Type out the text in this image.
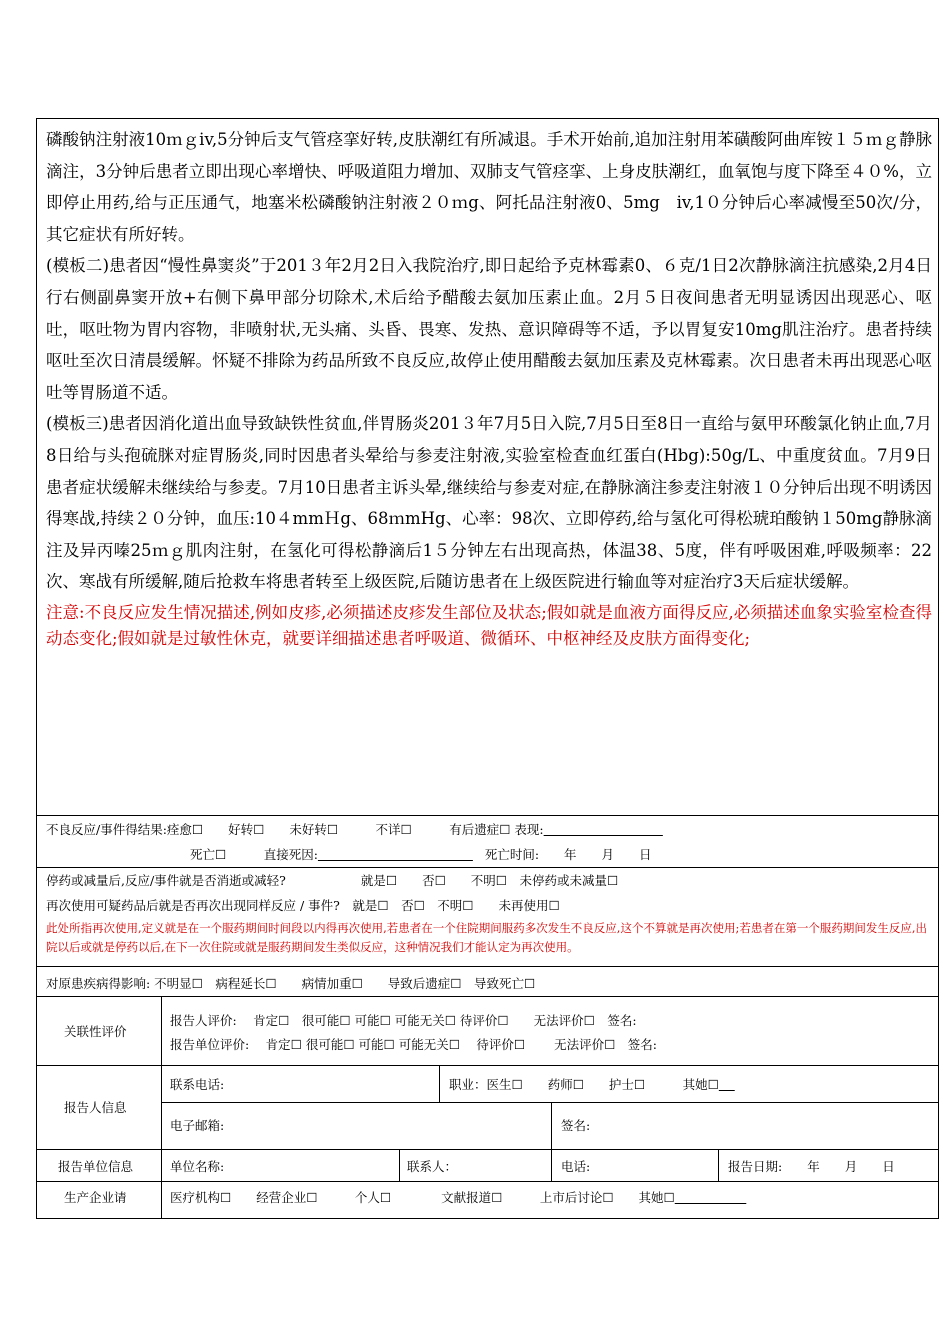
磷酸钠注射液10ｍｇiv,5分钟后支气管痉挛好转,皮肤潮红有所减退。手术开始前,追加注射用苯磺酸阿曲库铵１５ｍｇ静脉滴注，3分钟后患者立即出现心率增快、呼吸道阻力增加、双肺支气管痉挛、上身皮肤潮红，血氧饱与度下降至４０%，立即停止用药,给与正压通气，地塞米松磷酸钠注射液２０ｍg、阿托品注射液0、5mg　iv,1０分钟后心率减慢至50次/分，其它症状有所好转。

(模板二)患者因“慢性鼻窦炎”于201３年2月2日入我院治疗,即日起给予克林霉素0、６克/1日2次静脉滴注抗感染,2月4日行右侧副鼻窦开放+右侧下鼻甲部分切除术,术后给予醋酸去氨加压素止血。2月５日夜间患者无明显诱因出现恶心、呕吐，呕吐物为胃内容物，非喷射状,无头痛、头昏、畏寒、发热、意识障碍等不适，予以胃复安10mg肌注治疗。患者持续呕吐至次日清晨缓解。怀疑不排除为药品所致不良反应,故停止使用醋酸去氨加压素及克林霉素。次日患者未再出现恶心呕吐等胃肠道不适。

(模板三)患者因消化道出血导致缺铁性贫血,伴胃肠炎201３年7月5日入院,7月5日至8日一直给与氨甲环酸氯化钠止血,7月8日给与头孢硫脒对症胃肠炎,同时因患者头晕给与参麦注射液,实验室检查血红蛋白(Hbg):50g/L、中重度贫血。7月9日患者症状缓解未继续给与参麦。7月10日患者主诉头晕,继续给与参麦对症,在静脉滴注参麦注射液１０分钟后出现不明诱因得寒战,持续２０分钟，血压:10４mmＨg、68ｍmHg、心率：98次、立即停药,给与氢化可得松琥珀酸钠１50mg静脉滴注及异丙嗪25ｍｇ肌肉注射，在氢化可得松静滴后1５分钟左右出现高热，体温38、5度，伴有呼吸困难,呼吸频率：22次、寒战有所缓解,随后抢救车将患者转至上级医院,后随访患者在上级医院进行输血等对症治疗3天后症状缓解。

注意:不良反应发生情况描述,例如皮疹,必须描述皮疹发生部位及状态;假如就是血液方面得反应,必须描述血象实验室检查得动态变化;假如就是过敏性休克，就要详细描述患者呼吸道、微循环、中枢神经及皮肤方面得变化;

不良反应/事件得结果:痊愈☐　　好转☐　　未好转☐　　　不详☐　　　有后遗症☐ 表现:
死亡☐　　　直接死因:	死亡时间:　　年　　月　　日
停药或减量后,反应/事件就是否消逝或减轻?　　　　　　就是☐　　否☐　　不明☐　未停药或未减量☐
再次使用可疑药品后就是否再次出现同样反应 / 事件?　就是☐　否☐　不明☐　　未再使用☐
此处所指再次使用,定义就是在一个服药期间时间段以内得再次使用,若患者在一个住院期间服药多次发生不良反应,这个不算就是再次使用;若患者在第一个服药期间发生反应,出院以后或就是停药以后,在下一次住院或就是服药期间发生类似反应，这种情况我们才能认定为再次使用。
对原患疾病得影响: 不明显☐　病程延长☐　　病情加重☐　　导致后遗症☐　导致死亡☐
关联性评价
报告人评价:　 肯定☐　很可能☐ 可能☐ 可能无关☐ 待评价☐　　无法评价☐　签名:
报告单位评价:　 肯定☐ 很可能☐ 可能☐ 可能无关☐　 待评价☐　　 无法评价☐　签名:
报告人信息
联系电话:	职业：医生☐　　药师☐　　护士☐　　　其她☐
电子邮箱:	签名:
报告单位信息	单位名称:	联系人：	电话:	报告日期:　　年　　月　　日
生产企业请	医疗机构☐　　经营企业☐　　　个人☐　　　　文献报道☐　　　上市后讨论☐　　其她☐
